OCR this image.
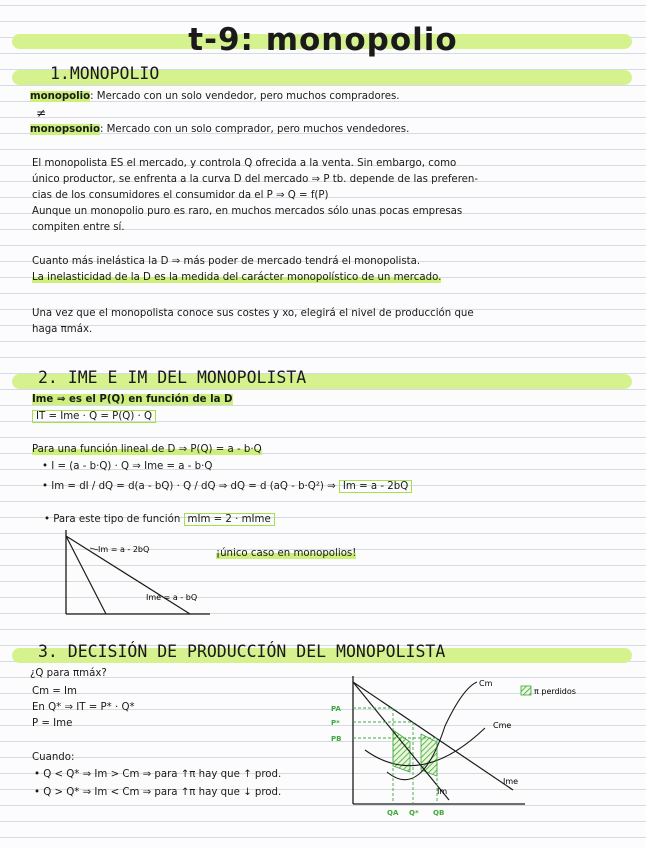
t-9: monopolio
1.MONOPOLIO
monopolio: Mercado con un solo vendedor, pero muchos compradores.
≠
monopsonio: Mercado con un solo comprador, pero muchos vendedores.
El monopolista ES el mercado, y controla Q ofrecida a la venta. Sin embargo, como
único productor, se enfrenta a la curva D del mercado ⇒ P tb. depende de las preferen-
cias de los consumidores el consumidor da el P ⇒ Q = f(P)
Aunque un monopolio puro es raro, en muchos mercados sólo unas pocas empresas
compiten entre sí.
Cuanto más inelástica la D ⇒ más poder de mercado tendrá el monopolista.
La inelasticidad de la D es la medida del carácter monopolístico de un mercado.
Una vez que el monopolista conoce sus costes y xo, elegirá el nivel de producción que
haga πmáx.
2. IME E IM DEL MONOPOLISTA
Ime ⇒ es el P(Q) en función de la D
IT = Ime · Q = P(Q) · Q
Para una función lineal de D ⇒ P(Q) = a - b·Q
• I = (a - b·Q) · Q ⇒ Ime = a - b·Q
• Im = dI / dQ = d(a - bQ) · Q / dQ ⇒ dQ = d (aQ - b·Q²) ⇒ Im = a - 2bQ
• Para este tipo de función mIm = 2 · mIme
Im = a - 2bQ
Ime = a - bQ
¡único caso en monopolios!
3. DECISIÓN DE PRODUCCIÓN DEL MONOPOLISTA
¿Q para πmáx?
Cm = Im
En Q* ⇒ IT = P* · Q*
P = Ime
Cuando:
• Q < Q* ⇒ Im > Cm ⇒ para ↑π hay que ↑ prod.
• Q > Q* ⇒ Im < Cm ⇒ para ↑π hay que ↓ prod.
PA
P*
PB
QA Q* QB
Cm
Cme
Ime
Im
π perdidos
